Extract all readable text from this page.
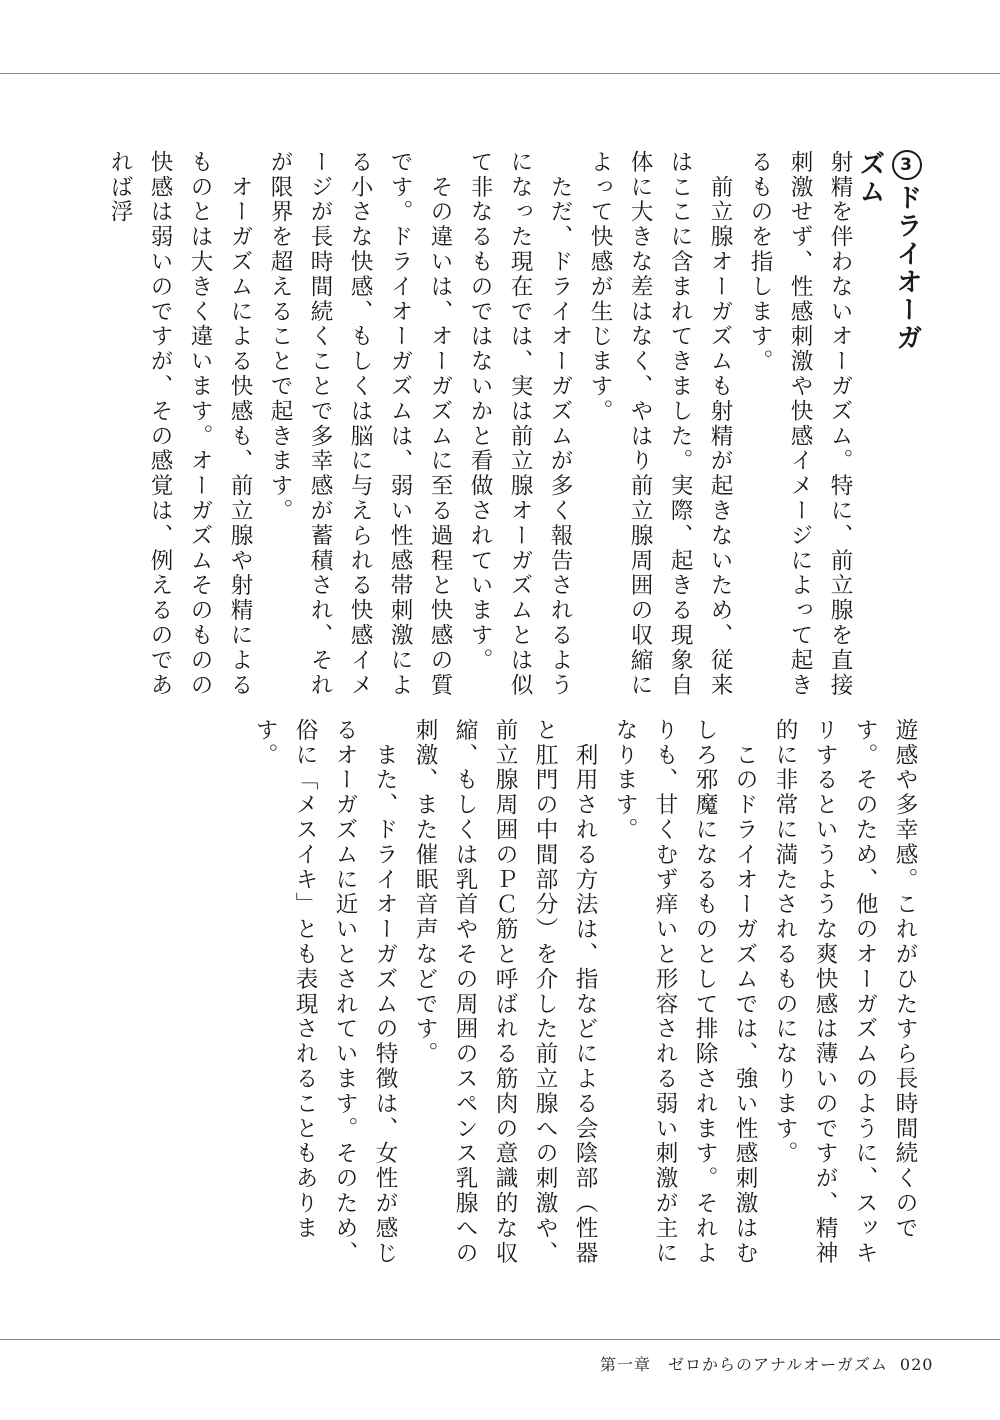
3ドライオーガズム

射精を伴わないオーガズム。特に、前立腺を直接刺激せず、性感刺激や快感イメージによって起きるものを指します。

　前立腺オーガズムも射精が起きないため、従来はここに含まれてきました。実際、起きる現象自体に大きな差はなく、やはり前立腺周囲の収縮によって快感が生じます。

　ただ、ドライオーガズムが多く報告されるようになった現在では、実は前立腺オーガズムとは似て非なるものではないかと看做されています。

　その違いは、オーガズムに至る過程と快感の質です。ドライオーガズムは、弱い性感帯刺激による小さな快感、もしくは脳に与えられる快感イメージが長時間続くことで多幸感が蓄積され、それが限界を超えることで起きます。

　オーガズムによる快感も、前立腺や射精によるものとは大きく違います。オーガズムそのものの快感は弱いのですが、その感覚は、例えるのであれば浮

遊感や多幸感。これがひたすら長時間続くのです。そのため、他のオーガズムのように、スッキリするというような爽快感は薄いのですが、精神的に非常に満たされるものになります。

　このドライオーガズムでは、強い性感刺激はむしろ邪魔になるものとして排除されます。それよりも、甘くむず痒いと形容される弱い刺激が主になります。

　利用される方法は、指などによる会陰部（性器と肛門の中間部分）を介した前立腺への刺激や、前立腺周囲のＰＣ筋と呼ばれる筋肉の意識的な収縮、もしくは乳首やその周囲のスペンス乳腺への刺激、また催眠音声などです。

　また、ドライオーガズムの特徴は、女性が感じるオーガズムに近いとされています。そのため、俗に「メスイキ」とも表現されることもあります。

第一章　ゼロからのアナルオーガズム 020
